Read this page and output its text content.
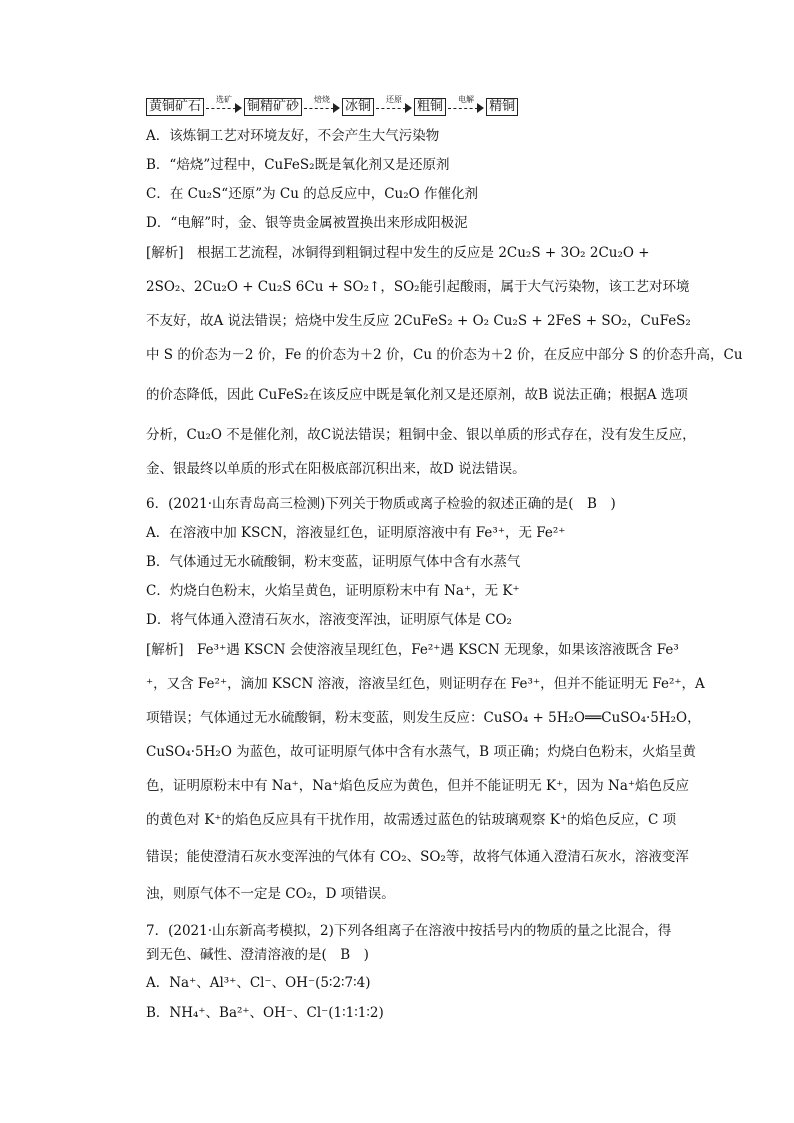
黄铜矿石	选矿	铜精矿砂	焙烧	冰铜	还原	粗铜	电解	精铜
A．该炼铜工艺对环境友好，不会产生大气污染物
B．“焙烧”过程中，CuFeS₂既是氧化剂又是还原剂
C．在 Cu₂S“还原”为 Cu 的总反应中，Cu₂O 作催化剂
D．“电解”时，金、银等贵金属被置换出来形成阳极泥
[解析]　根据工艺流程，冰铜得到粗铜过程中发生的反应是 2Cu₂S + 3O₂ 2Cu₂O +
2SO₂、2Cu₂O + Cu₂S 6Cu + SO₂↑，SO₂能引起酸雨，属于大气污染物，该工艺对环境
不友好，故A 说法错误；焙烧中发生反应 2CuFeS₂ + O₂ Cu₂S + 2FeS + SO₂，CuFeS₂
中 S 的价态为－2 价，Fe 的价态为＋2 价，Cu 的价态为＋2 价，在反应中部分 S 的价态升高，Cu
的价态降低，因此 CuFeS₂在该反应中既是氧化剂又是还原剂，故B 说法正确；根据A 选项
分析，Cu₂O 不是催化剂，故C说法错误；粗铜中金、银以单质的形式存在，没有发生反应，
金、银最终以单质的形式在阳极底部沉积出来，故D 说法错误。
6．(2021·山东青岛高三检测)下列关于物质或离子检验的叙述正确的是(　B　)
A．在溶液中加 KSCN，溶液显红色，证明原溶液中有 Fe³⁺，无 Fe²⁺
B．气体通过无水硫酸铜，粉末变蓝，证明原气体中含有水蒸气
C．灼烧白色粉末，火焰呈黄色，证明原粉末中有 Na⁺，无 K⁺
D．将气体通入澄清石灰水，溶液变浑浊，证明原气体是 CO₂
[解析]　Fe³⁺遇 KSCN 会使溶液呈现红色，Fe²⁺遇 KSCN 无现象，如果该溶液既含 Fe³
⁺，又含 Fe²⁺，滴加 KSCN 溶液，溶液呈红色，则证明存在 Fe³⁺，但并不能证明无 Fe²⁺，A
项错误；气体通过无水硫酸铜，粉末变蓝，则发生反应：CuSO₄ + 5H₂O══CuSO₄·5H₂O，
CuSO₄·5H₂O 为蓝色，故可证明原气体中含有水蒸气，B 项正确；灼烧白色粉末，火焰呈黄
色，证明原粉末中有 Na⁺，Na⁺焰色反应为黄色，但并不能证明无 K⁺，因为 Na⁺焰色反应
的黄色对 K⁺的焰色反应具有干扰作用，故需透过蓝色的钴玻璃观察 K⁺的焰色反应，C 项
错误；能使澄清石灰水变浑浊的气体有 CO₂、SO₂等，故将气体通入澄清石灰水，溶液变浑
浊，则原气体不一定是 CO₂，D 项错误。
7．(2021·山东新高考模拟，2)下列各组离子在溶液中按括号内的物质的量之比混合，得
到无色、碱性、澄清溶液的是(　B　)
A．Na⁺、Al³⁺、Cl⁻、OH⁻(5∶2∶7∶4)
B．NH₄⁺、Ba²⁺、OH⁻、Cl⁻(1∶1∶1∶2)
